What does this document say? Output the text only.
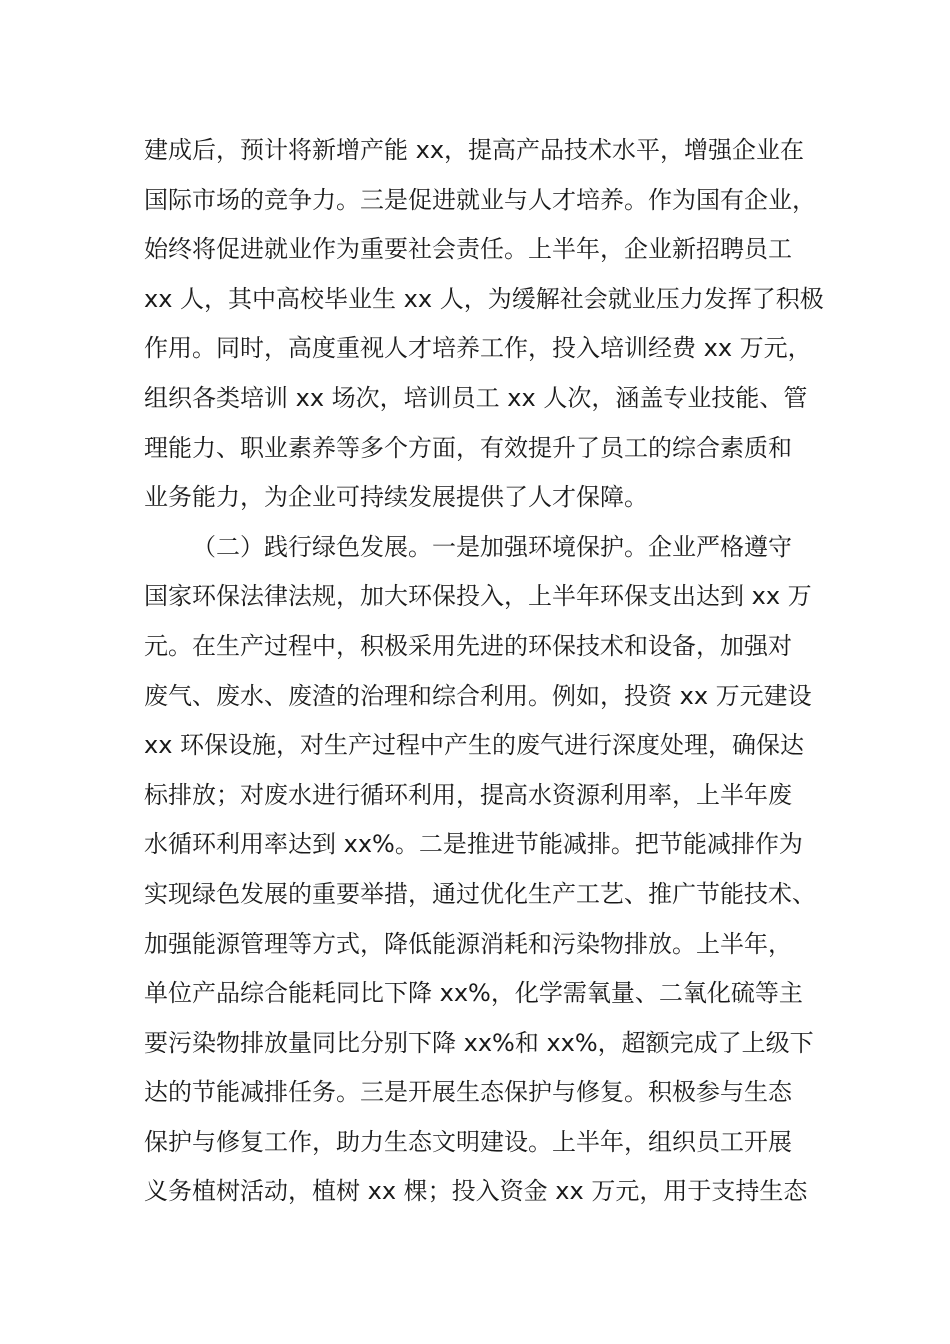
建成后，预计将新增产能 xx，提高产品技术水平，增强企业在
国际市场的竞争力。三是促进就业与人才培养。作为国有企业，
始终将促进就业作为重要社会责任。上半年，企业新招聘员工
xx 人，其中高校毕业生 xx 人，为缓解社会就业压力发挥了积极
作用。同时，高度重视人才培养工作，投入培训经费 xx 万元，
组织各类培训 xx 场次，培训员工 xx 人次，涵盖专业技能、管
理能力、职业素养等多个方面，有效提升了员工的综合素质和
业务能力，为企业可持续发展提供了人才保障。
（二）践行绿色发展。一是加强环境保护。企业严格遵守
国家环保法律法规，加大环保投入，上半年环保支出达到 xx 万
元。在生产过程中，积极采用先进的环保技术和设备，加强对
废气、废水、废渣的治理和综合利用。例如，投资 xx 万元建设
xx 环保设施，对生产过程中产生的废气进行深度处理，确保达
标排放；对废水进行循环利用，提高水资源利用率，上半年废
水循环利用率达到 xx%。二是推进节能减排。把节能减排作为
实现绿色发展的重要举措，通过优化生产工艺、推广节能技术、
加强能源管理等方式，降低能源消耗和污染物排放。上半年，
单位产品综合能耗同比下降 xx%，化学需氧量、二氧化硫等主
要污染物排放量同比分别下降 xx%和 xx%，超额完成了上级下
达的节能减排任务。三是开展生态保护与修复。积极参与生态
保护与修复工作，助力生态文明建设。上半年，组织员工开展
义务植树活动，植树 xx 棵；投入资金 xx 万元，用于支持生态
